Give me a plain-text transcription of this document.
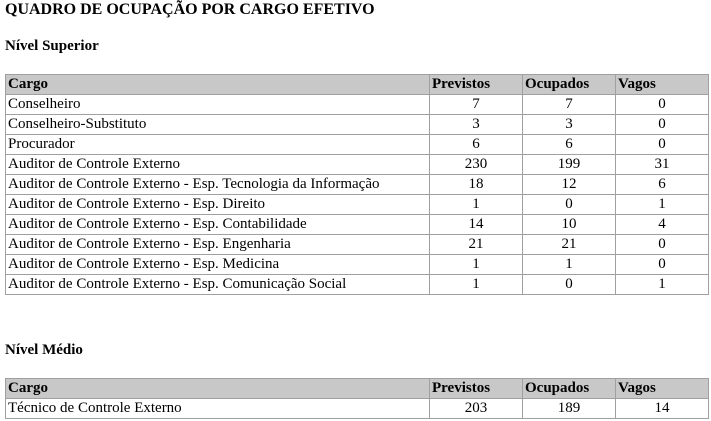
QUADRO DE OCUPAÇÃO POR CARGO EFETIVO
Nível Superior
Cargo	Previstos	Ocupados	Vagos
Conselheiro	7	7	0
Conselheiro-Substituto	3	3	0
Procurador	6	6	0
Auditor de Controle Externo	230	199	31
Auditor de Controle Externo - Esp. Tecnologia da Informação	18	12	6
Auditor de Controle Externo - Esp. Direito	1	0	1
Auditor de Controle Externo - Esp. Contabilidade	14	10	4
Auditor de Controle Externo - Esp. Engenharia	21	21	0
Auditor de Controle Externo - Esp. Medicina	1	1	0
Auditor de Controle Externo - Esp. Comunicação Social	1	0	1
Nível Médio
Cargo	Previstos	Ocupados	Vagos
Técnico de Controle Externo	203	189	14
